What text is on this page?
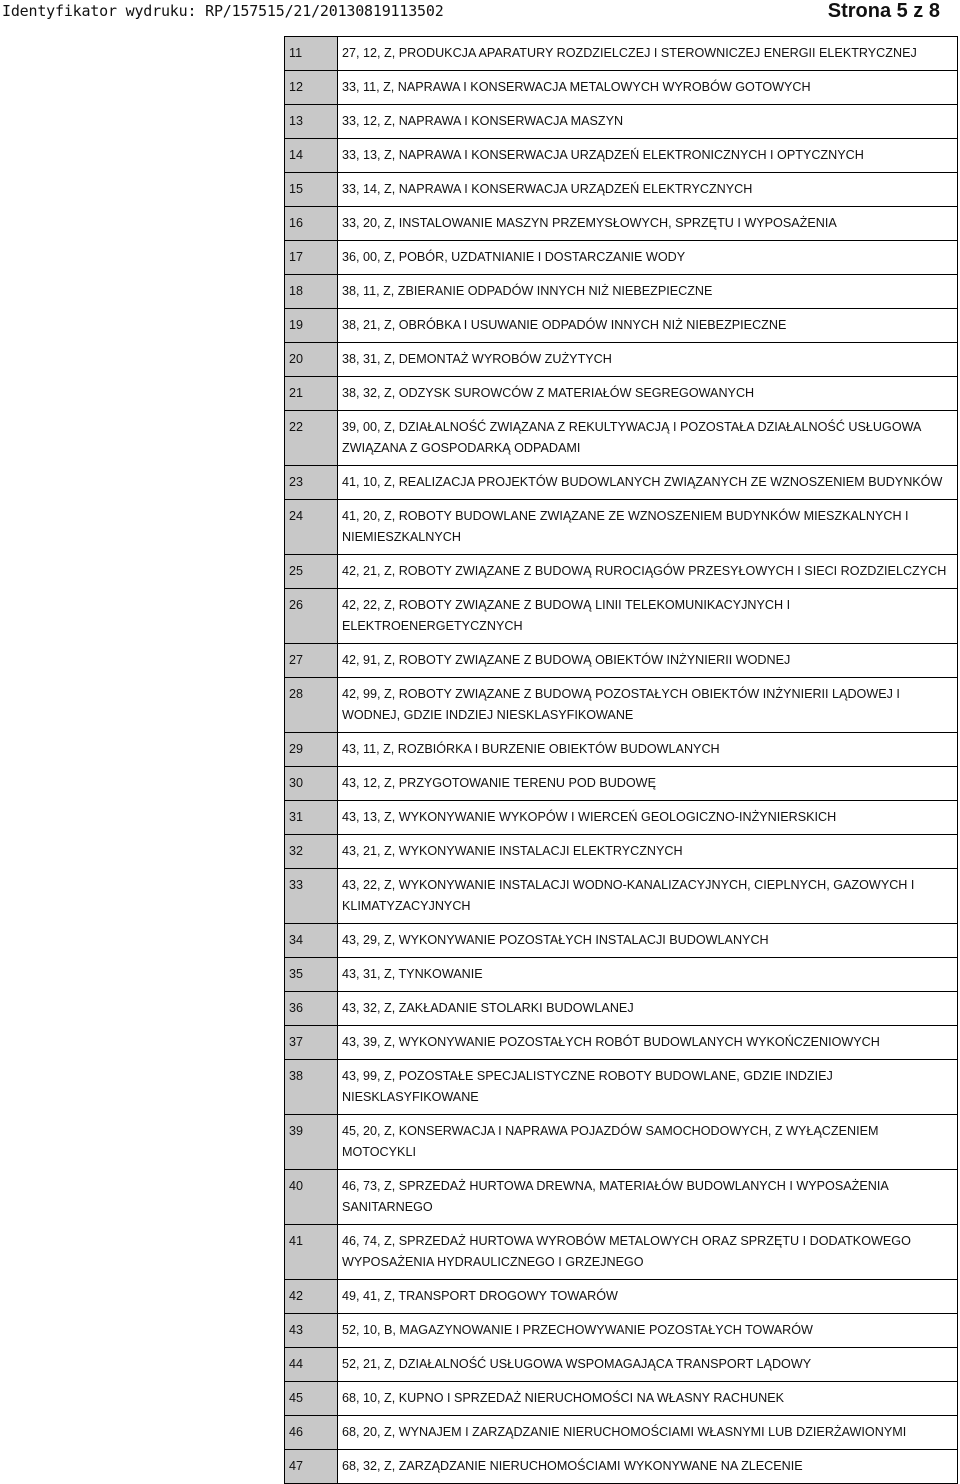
Identyfikator wydruku: RP/157515/21/20130819113502	Strona 5 z 8
11	27, 12, Z, PRODUKCJA APARATURY ROZDZIELCZEJ I STEROWNICZEJ ENERGII ELEKTRYCZNEJ
12	33, 11, Z, NAPRAWA I KONSERWACJA METALOWYCH WYROBÓW GOTOWYCH
13	33, 12, Z, NAPRAWA I KONSERWACJA MASZYN
14	33, 13, Z, NAPRAWA I KONSERWACJA URZĄDZEŃ ELEKTRONICZNYCH I OPTYCZNYCH
15	33, 14, Z, NAPRAWA I KONSERWACJA URZĄDZEŃ ELEKTRYCZNYCH
16	33, 20, Z, INSTALOWANIE MASZYN PRZEMYSŁOWYCH, SPRZĘTU I WYPOSAŻENIA
17	36, 00, Z, POBÓR, UZDATNIANIE I DOSTARCZANIE WODY
18	38, 11, Z, ZBIERANIE ODPADÓW INNYCH NIŻ NIEBEZPIECZNE
19	38, 21, Z, OBRÓBKA I USUWANIE ODPADÓW INNYCH NIŻ NIEBEZPIECZNE
20	38, 31, Z, DEMONTAŻ WYROBÓW ZUŻYTYCH
21	38, 32, Z, ODZYSK SUROWCÓW Z MATERIAŁÓW SEGREGOWANYCH
22	39, 00, Z, DZIAŁALNOŚĆ ZWIĄZANA Z REKULTYWACJĄ I POZOSTAŁA DZIAŁALNOŚĆ USŁUGOWA ZWIĄZANA Z GOSPODARKĄ ODPADAMI
23	41, 10, Z, REALIZACJA PROJEKTÓW BUDOWLANYCH ZWIĄZANYCH ZE WZNOSZENIEM BUDYNKÓW
24	41, 20, Z, ROBOTY BUDOWLANE ZWIĄZANE ZE WZNOSZENIEM BUDYNKÓW MIESZKALNYCH I NIEMIESZKALNYCH
25	42, 21, Z, ROBOTY ZWIĄZANE Z BUDOWĄ RUROCIĄGÓW PRZESYŁOWYCH I SIECI ROZDZIELCZYCH
26	42, 22, Z, ROBOTY ZWIĄZANE Z BUDOWĄ LINII TELEKOMUNIKACYJNYCH I ELEKTROENERGETYCZNYCH
27	42, 91, Z, ROBOTY ZWIĄZANE Z BUDOWĄ OBIEKTÓW INŻYNIERII WODNEJ
28	42, 99, Z, ROBOTY ZWIĄZANE Z BUDOWĄ POZOSTAŁYCH OBIEKTÓW INŻYNIERII LĄDOWEJ I WODNEJ, GDZIE INDZIEJ NIESKLASYFIKOWANE
29	43, 11, Z, ROZBIÓRKA I BURZENIE OBIEKTÓW BUDOWLANYCH
30	43, 12, Z, PRZYGOTOWANIE TERENU POD BUDOWĘ
31	43, 13, Z, WYKONYWANIE WYKOPÓW I WIERCEŃ GEOLOGICZNO-INŻYNIERSKICH
32	43, 21, Z, WYKONYWANIE INSTALACJI ELEKTRYCZNYCH
33	43, 22, Z, WYKONYWANIE INSTALACJI WODNO-KANALIZACYJNYCH, CIEPLNYCH, GAZOWYCH I KLIMATYZACYJNYCH
34	43, 29, Z, WYKONYWANIE POZOSTAŁYCH INSTALACJI BUDOWLANYCH
35	43, 31, Z, TYNKOWANIE
36	43, 32, Z, ZAKŁADANIE STOLARKI BUDOWLANEJ
37	43, 39, Z, WYKONYWANIE POZOSTAŁYCH ROBÓT BUDOWLANYCH WYKOŃCZENIOWYCH
38	43, 99, Z, POZOSTAŁE SPECJALISTYCZNE ROBOTY BUDOWLANE, GDZIE INDZIEJ NIESKLASYFIKOWANE
39	45, 20, Z, KONSERWACJA I NAPRAWA POJAZDÓW SAMOCHODOWYCH, Z WYŁĄCZENIEM MOTOCYKLI
40	46, 73, Z, SPRZEDAŻ HURTOWA DREWNA, MATERIAŁÓW BUDOWLANYCH I WYPOSAŻENIA SANITARNEGO
41	46, 74, Z, SPRZEDAŻ HURTOWA WYROBÓW METALOWYCH ORAZ SPRZĘTU I DODATKOWEGO WYPOSAŻENIA HYDRAULICZNEGO I GRZEJNEGO
42	49, 41, Z, TRANSPORT DROGOWY TOWARÓW
43	52, 10, B, MAGAZYNOWANIE I PRZECHOWYWANIE POZOSTAŁYCH TOWARÓW
44	52, 21, Z, DZIAŁALNOŚĆ USŁUGOWA WSPOMAGAJĄCA TRANSPORT LĄDOWY
45	68, 10, Z, KUPNO I SPRZEDAŻ NIERUCHOMOŚCI NA WŁASNY RACHUNEK
46	68, 20, Z, WYNAJEM I ZARZĄDZANIE NIERUCHOMOŚCIAMI WŁASNYMI LUB DZIERŻAWIONYMI
47	68, 32, Z, ZARZĄDZANIE NIERUCHOMOŚCIAMI WYKONYWANE NA ZLECENIE
